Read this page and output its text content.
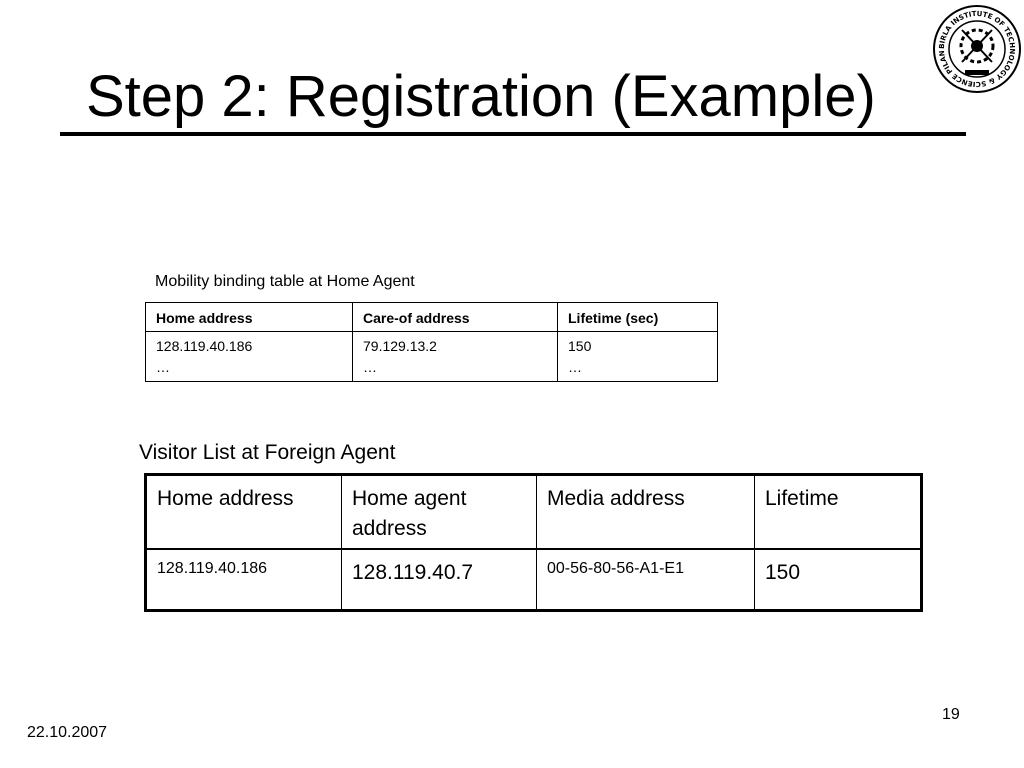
Step 2: Registration (Example)
BIRLA INSTITUTE OF TECHNOLOGY & SCIENCE PILAN
Mobility binding table at Home Agent
Home address	Care-of address	Lifetime (sec)
128.119.40.186	79.129.13.2	150
…	…	…
Visitor List at Foreign Agent
Home address	Home agent address	Media address	Lifetime
128.119.40.186	128.119.40.7	00-56-80-56-A1-E1	150
19
22.10.2007
